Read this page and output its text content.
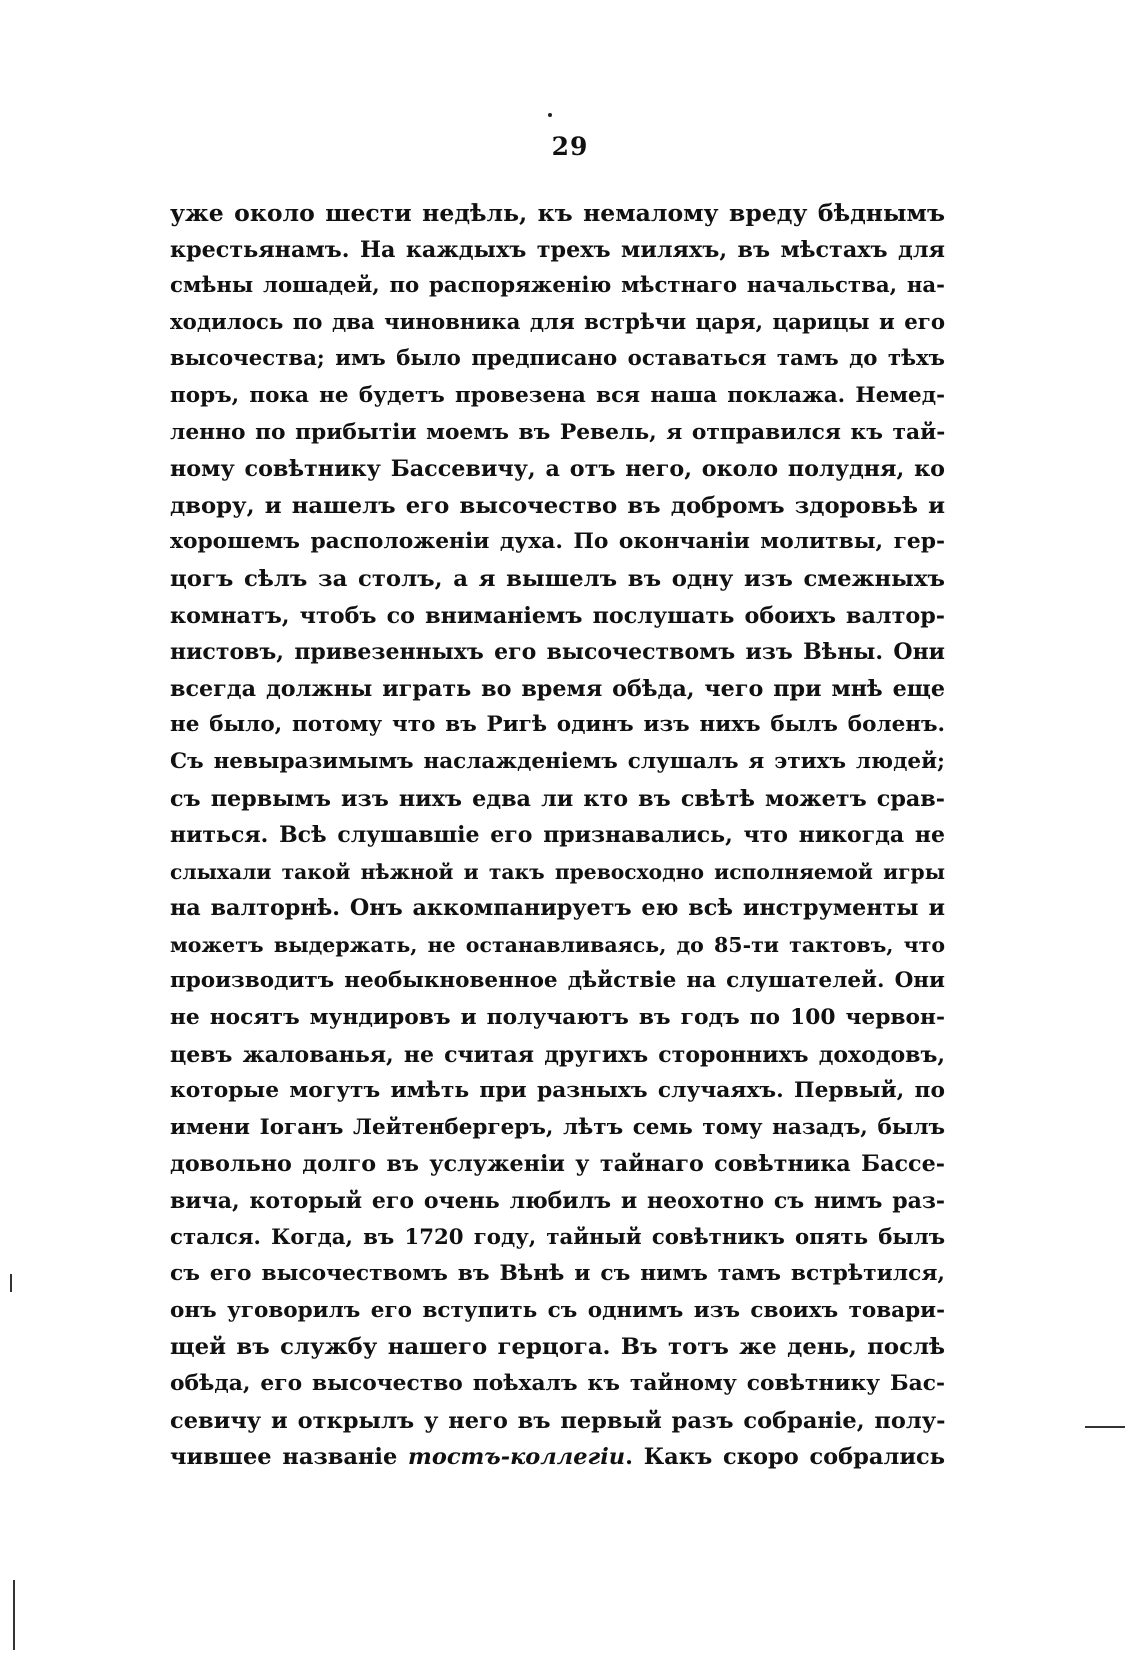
29
уже около шести недѣль, къ немалому вреду бѣднымъ
крестьянамъ. На каждыхъ трехъ миляхъ, въ мѣстахъ для
смѣны лошадей, по распоряженію мѣстнаго начальства, на-
ходилось по два чиновника для встрѣчи царя, царицы и его
высочества; имъ было предписано оставаться тамъ до тѣхъ
поръ, пока не будетъ провезена вся наша поклажа. Немед-
ленно по прибытіи моемъ въ Ревель, я отправился къ тай-
ному совѣтнику Бассевичу, а отъ него, около полудня, ко
двору, и нашелъ его высочество въ добромъ здоровьѣ и
хорошемъ расположеніи духа. По окончаніи молитвы, гер-
цогъ сѣлъ за столъ, а я вышелъ въ одну изъ смежныхъ
комнатъ, чтобъ со вниманіемъ послушать обоихъ валтор-
нистовъ, привезенныхъ его высочествомъ изъ Вѣны. Они
всегда должны играть во время обѣда, чего при мнѣ еще
не было, потому что въ Ригѣ одинъ изъ нихъ былъ боленъ.
Съ невыразимымъ наслажденіемъ слушалъ я этихъ людей;
съ первымъ изъ нихъ едва ли кто въ свѣтѣ можетъ срав-
ниться. Всѣ слушавшіе его признавались, что никогда не
слыхали такой нѣжной и такъ превосходно исполняемой игры
на валторнѣ. Онъ аккомпанируетъ ею всѣ инструменты и
можетъ выдержать, не останавливаясь, до 85-ти тактовъ, что
производитъ необыкновенное дѣйствіе на слушателей. Они
не носятъ мундировъ и получаютъ въ годъ по 100 червон-
цевъ жалованья, не считая другихъ стороннихъ доходовъ,
которые могутъ имѣть при разныхъ случаяхъ. Первый, по
имени Іоганъ Лейтенбергеръ, лѣтъ семь тому назадъ, былъ
довольно долго въ услуженіи у тайнаго совѣтника Бассе-
вича, который его очень любилъ и неохотно съ нимъ раз-
стался. Когда, въ 1720 году, тайный совѣтникъ опять былъ
съ его высочествомъ въ Вѣнѣ и съ нимъ тамъ встрѣтился,
онъ уговорилъ его вступить съ однимъ изъ своихъ товари-
щей въ службу нашего герцога. Въ тотъ же день, послѣ
обѣда, его высочество поѣхалъ къ тайному совѣтнику Бас-
севичу и открылъ у него въ первый разъ собраніе, полу-
чившее названіе тостъ-коллегіи. Какъ скоро собрались
